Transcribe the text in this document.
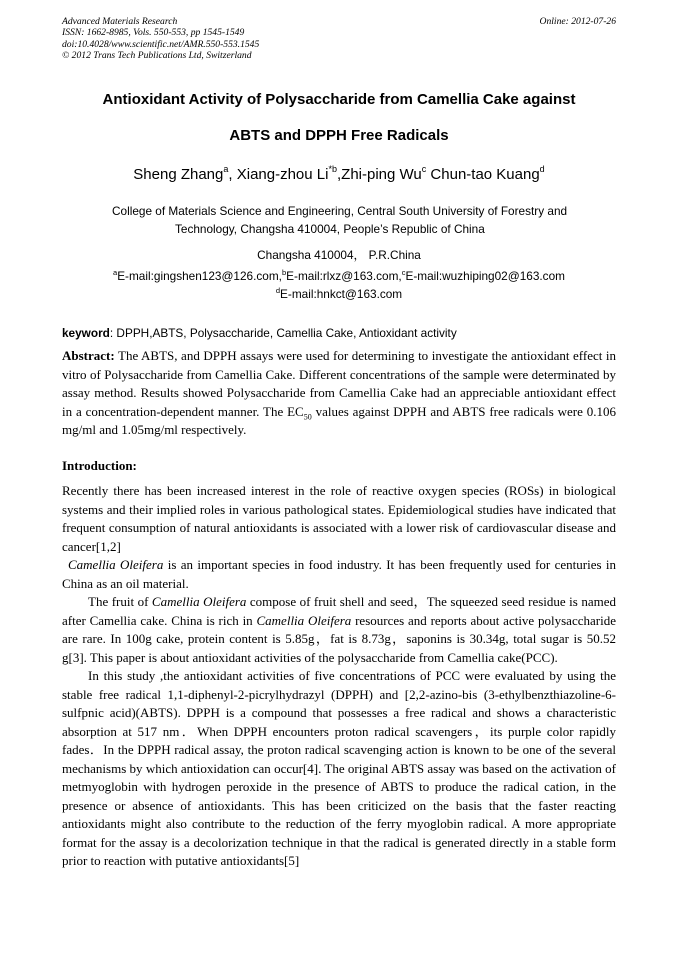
Advanced Materials Research
ISSN: 1662-8985, Vols. 550-553, pp 1545-1549
doi:10.4028/www.scientific.net/AMR.550-553.1545
© 2012 Trans Tech Publications Ltd, Switzerland
Online: 2012-07-26
Antioxidant Activity of Polysaccharide from Camellia Cake against
ABTS and DPPH Free Radicals
Sheng Zhang$^a$, Xiang-zhou Li$^{*b}$,Zhi-ping Wu$^c$ Chun-tao Kuang$^d$
College of Materials Science and Engineering, Central South University of Forestry and
Technology, Changsha 410004, People’s Republic of China
Changsha 410004， P.R.China
$^a$E-mail:gingshen123@126.com,$^b$E-mail:rlxz@163.com,$^c$E-mail:wuzhiping02@163.com
$^d$E-mail:hnkct@163.com
keyword: DPPH,ABTS, Polysaccharide, Camellia Cake, Antioxidant activity
Abstract: The ABTS, and DPPH assays were used for determining to investigate the antioxidant effect in vitro of Polysaccharide from Camellia Cake. Different concentrations of the sample were determinated by assay method. Results showed Polysaccharide from Camellia Cake had an appreciable antioxidant effect in a concentration-dependent manner. The $EC_{50}$ values against DPPH and ABTS free radicals were 0.106 mg/ml and 1.05mg/ml respectively.
Introduction:
Recently there has been increased interest in the role of reactive oxygen species (ROSs) in biological systems and their implied roles in various pathological states. Epidemiological studies have indicated that frequent consumption of natural antioxidants is associated with a lower risk of cardiovascular disease and cancer[1,2]
Camellia Oleifera is an important species in food industry. It has been frequently used for centuries in China as an oil material.
The fruit of Camellia Oleifera compose of fruit shell and seed，The squeezed seed residue is named after Camellia cake. China is rich in Camellia Oleifera resources and reports about active polysaccharide are rare. In 100g cake, protein content is 5.85g，fat is 8.73g，saponins is 30.34g, total sugar is 50.52 g[3]. This paper is about antioxidant activities of the polysaccharide from Camellia cake(PCC).
In this study ,the antioxidant activities of five concentrations of PCC were evaluated by using the stable free radical 1,1-diphenyl-2-picrylhydrazyl (DPPH) and [2,2-azino-bis (3-ethylbenzthiazoline-6-sulfpnic acid)(ABTS). DPPH is a compound that possesses a free radical and shows a characteristic absorption at 517 nm．When DPPH encounters proton radical scavengers，its purple color rapidly fades．In the DPPH radical assay, the proton radical scavenging action is known to be one of the several mechanisms by which antioxidation can occur[4]. The original ABTS assay was based on the activation of metmyoglobin with hydrogen peroxide in the presence of ABTS to produce the radical cation, in the presence or absence of antioxidants. This has been criticized on the basis that the faster reacting antioxidants might also contribute to the reduction of the ferry myoglobin radical. A more appropriate format for the assay is a decolorization technique in that the radical is generated directly in a stable form prior to reaction with putative antioxidants[5]
